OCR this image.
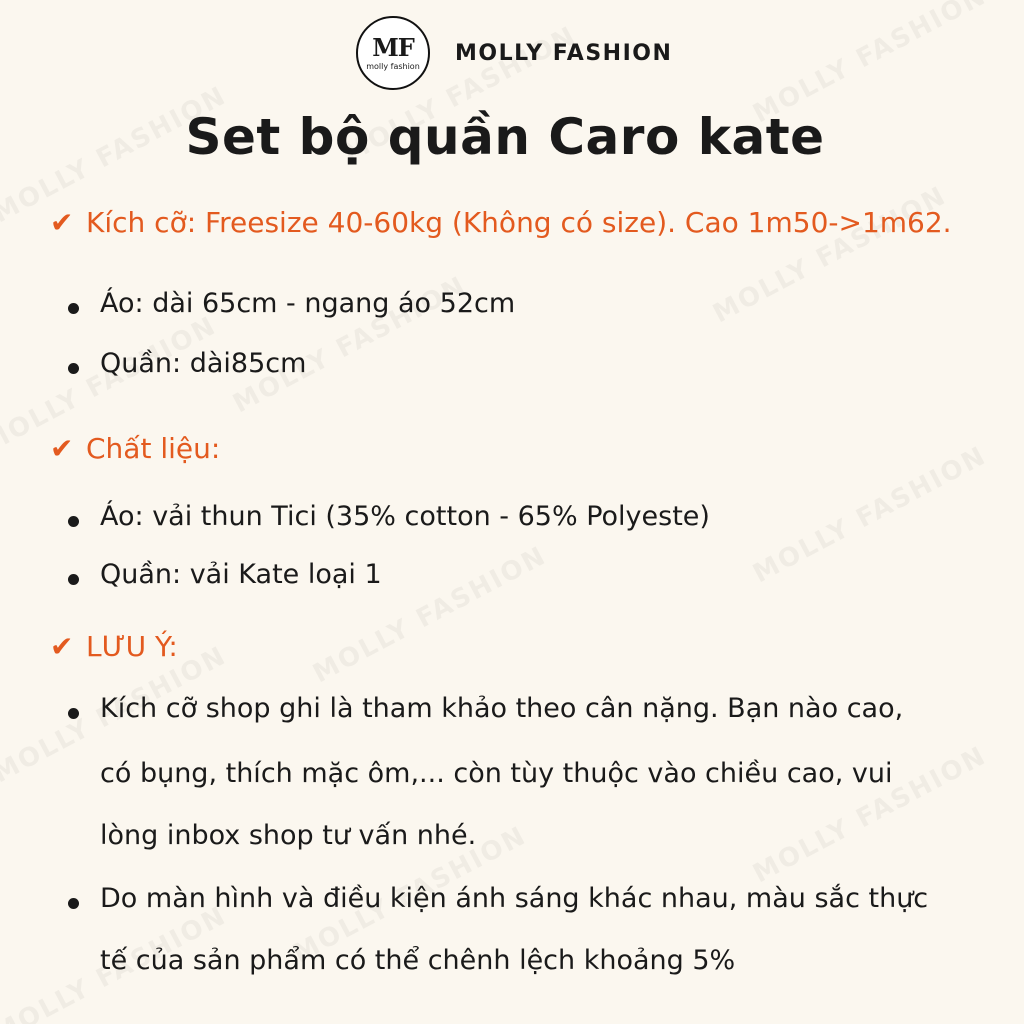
MF
molly fashion
MOLLY FASHION
Set bộ quần Caro kate
✔ Kích cỡ: Freesize 40-60kg (Không có size). Cao 1m50->1m62.
Áo: dài 65cm - ngang áo 52cm
Quần: dài85cm
✔ Chất liệu:
Áo: vải thun Tici (35% cotton - 65% Polyeste)
Quần: vải Kate loại 1
✔ LƯU Ý:
Kích cỡ shop ghi là tham khảo theo cân nặng. Bạn nào cao,
có bụng, thích mặc ôm,... còn tùy thuộc vào chiều cao, vui
lòng inbox shop tư vấn nhé.
Do màn hình và điều kiện ánh sáng khác nhau, màu sắc thực
tế của sản phẩm có thể chênh lệch khoảng 5%
